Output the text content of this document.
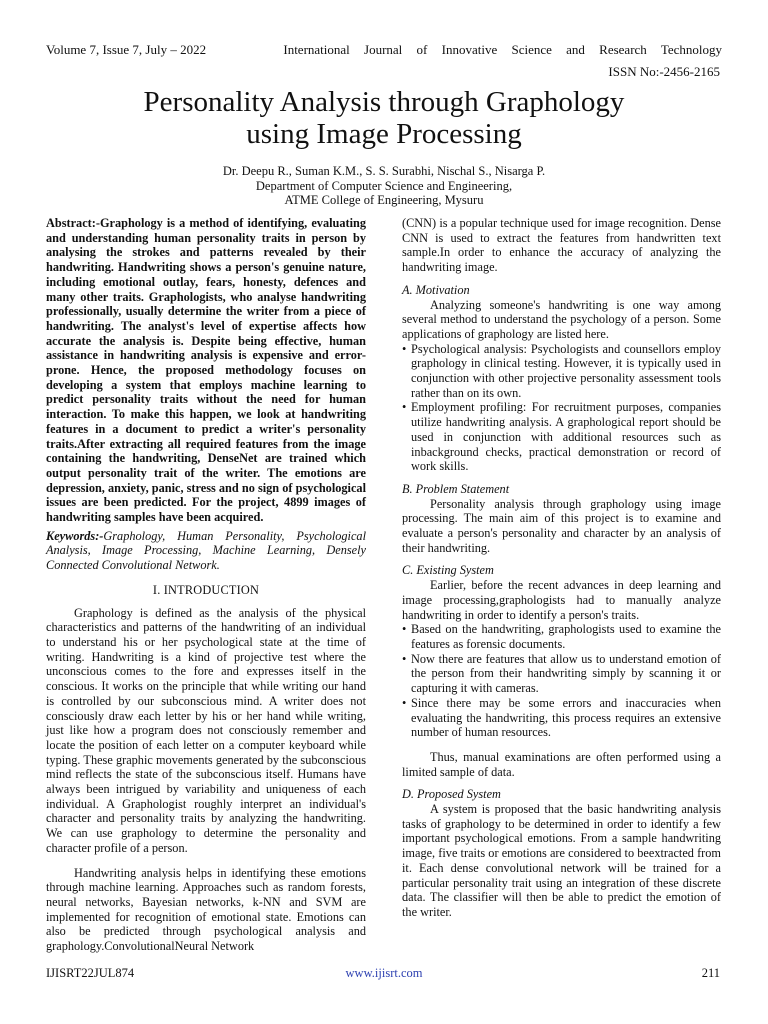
Volume 7, Issue 7, July – 2022	International Journal of Innovative Science and Research Technology
ISSN No:-2456-2165
Personality Analysis through Graphology
using Image Processing
Dr. Deepu R., Suman K.M., S. S. Surabhi, Nischal S., Nisarga P.
Department of Computer Science and Engineering,
ATME College of Engineering, Mysuru

Abstract:-Graphology is a method of identifying, evaluating and understanding human personality traits in person by analysing the strokes and patterns revealed by their handwriting. Handwriting shows a person's genuine nature, including emotional outlay, fears, honesty, defences and many other traits. Graphologists, who analyse handwriting professionally, usually determine the writer from a piece of handwriting. The analyst's level of expertise affects how accurate the analysis is. Despite being effective, human assistance in handwriting analysis is expensive and error-prone. Hence, the proposed methodology focuses on developing a system that employs machine learning to predict personality traits without the need for human interaction. To make this happen, we look at handwriting features in a document to predict a writer's personality traits.After extracting all required features from the image containing the handwriting, DenseNet are trained which output personality trait of the writer. The emotions are depression, anxiety, panic, stress and no sign of psychological issues are been predicted. For the project, 4899 images of handwriting samples have been acquired.

Keywords:-Graphology, Human Personality, Psychological Analysis, Image Processing, Machine Learning, Densely Connected Convolutional Network.

I. INTRODUCTION

Graphology is defined as the analysis of the physical characteristics and patterns of the handwriting of an individual to understand his or her psychological state at the time of writing. Handwriting is a kind of projective test where the unconscious comes to the fore and expresses itself in the conscious. It works on the principle that while writing our hand is controlled by our subconscious mind. A writer does not consciously draw each letter by his or her hand while writing, just like how a program does not consciously remember and locate the position of each letter on a computer keyboard while typing. These graphic movements generated by the subconscious mind reflects the state of the subconscious itself. Humans have always been intrigued by variability and uniqueness of each individual. A Graphologist roughly interpret an individual's character and personality traits by analyzing the handwriting. We can use graphology to determine the personality and character profile of a person.

Handwriting analysis helps in identifying these emotions through machine learning. Approaches such as random forests, neural networks, Bayesian networks, k-NN and SVM are implemented for recognition of emotional state. Emotions can also be predicted through psychological analysis and graphology.ConvolutionalNeural Network

(CNN) is a popular technique used for image recognition. Dense CNN is used to extract the features from handwritten text sample.In order to enhance the accuracy of analyzing the handwriting image.

A. Motivation

Analyzing someone's handwriting is one way among several method to understand the psychology of a person. Some applications of graphology are listed here.

• Psychological analysis: Psychologists and counsellors employ graphology in clinical testing. However, it is typically used in conjunction with other projective personality assessment tools rather than on its own.
• Employment profiling: For recruitment purposes, companies utilize handwriting analysis. A graphological report should be used in conjunction with additional resources such as inbackground checks, practical demonstration or record of work skills.
B. Problem Statement

Personality analysis through graphology using image processing. The main aim of this project is to examine and evaluate a person's personality and character by an analysis of their handwriting.

C. Existing System

Earlier, before the recent advances in deep learning and image processing,graphologists had to manually analyze handwriting in order to identify a person's traits.

• Based on the handwriting, graphologists used to examine the features as forensic documents.
• Now there are features that allow us to understand emotion of the person from their handwriting simply by scanning it or capturing it with cameras.
• Since there may be some errors and inaccuracies when evaluating the handwriting, this process requires an extensive number of human resources.

Thus, manual examinations are often performed using a limited sample of data.

D. Proposed System

A system is proposed that the basic handwriting analysis tasks of graphology to be determined in order to identify a few important psychological emotions. From a sample handwriting image, five traits or emotions are considered to beextracted from it. Each dense convolutional network will be trained for a particular personality trait using an integration of these discrete data. The classifier will then be able to predict the emotion of the writer.

IJISRT22JUL874	www.ijisrt.com	211
